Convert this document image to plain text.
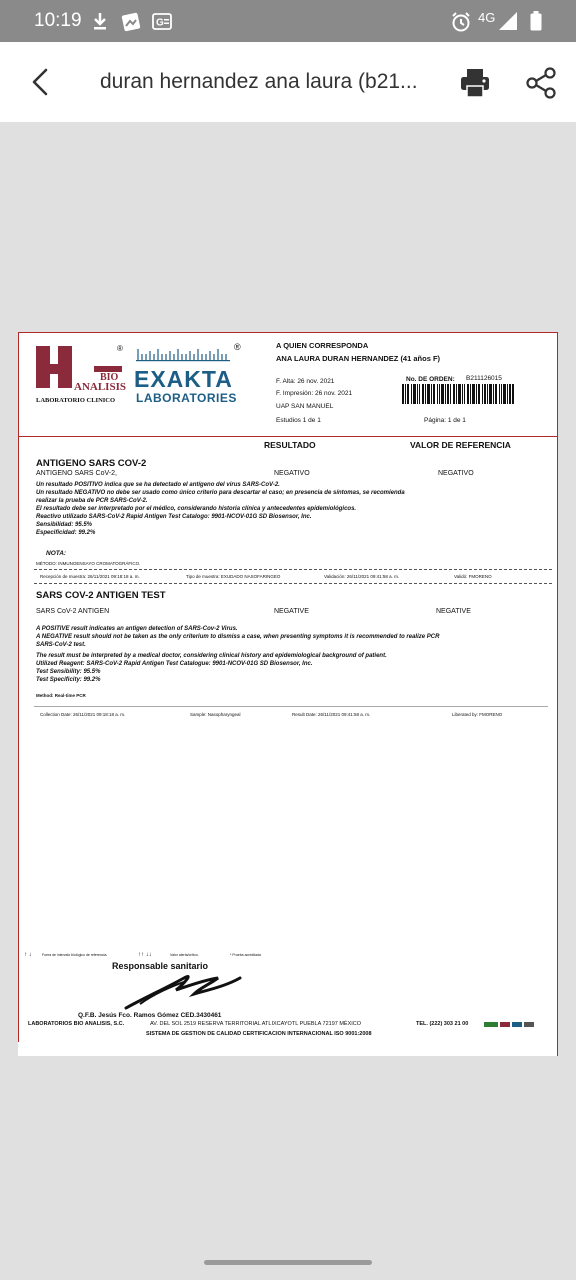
10:19	G	4G
duran hernandez ana laura (b21...
BIO
ANALISIS
LABORATORIO CLINICO
®	®
EXAKTA
LABORATORIES
A QUIEN CORRESPONDA
ANA LAURA DURAN HERNANDEZ (41 años F)
F. Alta: 26 nov. 2021
F. Impresión: 26 nov. 2021
UAP SAN MANUEL
Estudios 1 de 1
No. DE ORDEN: B211126015
Página: 1 de 1
RESULTADO	VALOR DE REFERENCIA
ANTIGENO SARS COV-2
ANTIGENO SARS CoV-2,	NEGATIVO	NEGATIVO
Un resultado POSITIVO indica que se ha detectado el antígeno del virus SARS-CoV-2.
Un resultado NEGATIVO no debe ser usado como único criterio para descartar el caso; en presencia de síntomas, se recomienda
realizar la prueba de PCR SARS-CoV-2.
El resultado debe ser interpretado por el médico, considerando historia clínica y antecedentes epidemiológicos.
Reactivo utilizado SARS-CoV-2 Rapid Antigen Test Catalogo: 9901-NCOV-01G SD Biosensor, Inc.
Sensibilidad: 95.5%
Especificidad: 99.2%
NOTA:
MÉTODO: INMUNOENSAYO CROMATOGRÁFICO.
Recepción de muestra: 26/11/2021 09:18:18 a. m.	Tipo de muestra: EXUDADO NASOFARINGEO	Validación: 26/11/2021 09:41:58 a. m.	Validó: FMORENO
SARS COV-2 ANTIGEN TEST
SARS CoV-2 ANTIGEN	NEGATIVE	NEGATIVE
A POSITIVE result indicates an antigen detection of SARS-Cov-2 Virus.
A NEGATIVE result should not be taken as the only criterium to dismiss a case, when presenting symptoms it is recommended to realize PCR
SARS-CoV-2 test.
The result must be interpreted by a medical doctor, considering clinical history and epidemiological background of patient.
Utilized Reagent: SARS-CoV-2 Rapid Antigen Test Catalogue: 9901-NCOV-01G SD Biosensor, Inc.
Test Sensibility: 95.5%
Test Specificity: 99.2%
Method: Real-time PCR
Collection Date: 26/11/2021 09:18:18 a. m.	Sample: Nasopharyngeal	Result Date: 26/11/2021 09:41:58 a. m.	Liberated by: FMORENO
↑ ↓	Fuera de intervalo biológico de referencia.	↑↑ ↓↓	Valor alerta/crítico.	* Prueba acreditada
Responsable sanitario
Q.F.B. Jesús Fco. Ramos Gómez CED.3430461
LABORATORIOS BIO ANALISIS, S.C.	AV. DEL SOL 2519 RESERVA TERRITORIAL ATLIXCAYOTL PUEBLA 72197 MÉXICO	TEL. (222) 303 21 00
SISTEMA DE GESTION DE CALIDAD CERTIFICACION INTERNACIONAL ISO 9001:2008
